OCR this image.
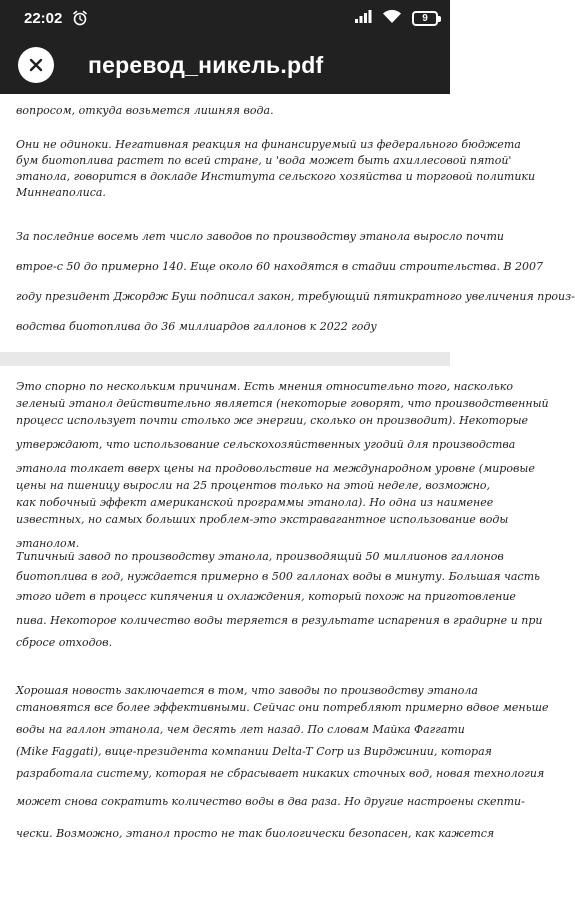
22:02	9
перевод_никель.pdf
вопросом, откуда возьмется лишняя вода.
Они не одиноки. Негативная реакция на финансируемый из федерального бюджета
бум биотоплива растет по всей стране, и 'вода может быть ахиллесовой пятой'
этанола, говорится в докладе Института сельского хозяйства и торговой политики
Миннеаполиса.
За последние восемь лет число заводов по производству этанола выросло почти
втрое-с 50 до примерно 140. Еще около 60 находятся в стадии строительства. В 2007
году президент Джордж Буш подписал закон, требующий пятикратного увеличения произ-
водства биотоплива до 36 миллиардов галлонов к 2022 году
Это спорно по нескольким причинам. Есть мнения относительно того, насколько
зеленый этанол действительно является (некоторые говорят, что производственный
процесс использует почти столько же энергии, сколько он производит). Некоторые
утверждают, что использование сельскохозяйственных угодий для производства
этанола толкает вверх цены на продовольствие на международном уровне (мировые
цены на пшеницу выросли на 25 процентов только на этой неделе, возможно,
как побочный эффект американской программы этанола). Но одна из наименее
известных, но самых больших проблем-это экстравагантное использование воды
этанолом.
Типичный завод по производству этанола, производящий 50 миллионов галлонов
биотоплива в год, нуждается примерно в 500 галлонах воды в минуту. Большая часть
этого идет в процесс кипячения и охлаждения, который похож на приготовление
пива. Некоторое количество воды теряется в результате испарения в градирне и при
сбросе отходов.
Хорошая новость заключается в том, что заводы по производству этанола
становятся все более эффективными. Сейчас они потребляют примерно вдвое меньше
воды на галлон этанола, чем десять лет назад. По словам Майка Фаггати
(Mike Faggati), вице-президента компании Delta-T Corp из Вирджинии, которая
разработала систему, которая не сбрасывает никаких сточных вод, новая технология
может снова сократить количество воды в два раза. Но другие настроены скепти-
чески. Возможно, этанол просто не так биологически безопасен, как кажется
